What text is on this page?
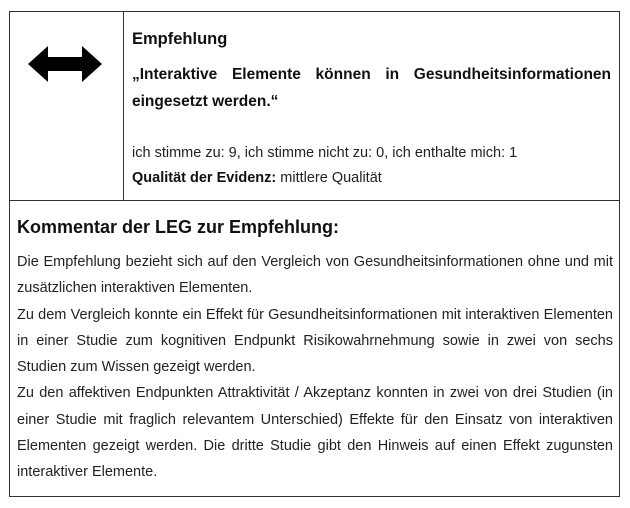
Empfehlung
„Interaktive Elemente können in Gesundheitsinformationen eingesetzt werden.“
ich stimme zu: 9, ich stimme nicht zu: 0, ich enthalte mich: 1
Qualität der Evidenz: mittlere Qualität
Kommentar der LEG zur Empfehlung:

Die Empfehlung bezieht sich auf den Vergleich von Gesundheitsinformationen ohne und mit zusätzlichen interaktiven Elementen.

Zu dem Vergleich konnte ein Effekt für Gesundheitsinformationen mit interaktiven Elementen in einer Studie zum kognitiven Endpunkt Risikowahrnehmung sowie in zwei von sechs Studien zum Wissen gezeigt werden.

Zu den affektiven Endpunkten Attraktivität / Akzeptanz konnten in zwei von drei Studien (in einer Studie mit fraglich relevantem Unterschied) Effekte für den Einsatz von interaktiven Elementen gezeigt werden. Die dritte Studie gibt den Hinweis auf einen Effekt zugunsten interaktiver Elemente.
